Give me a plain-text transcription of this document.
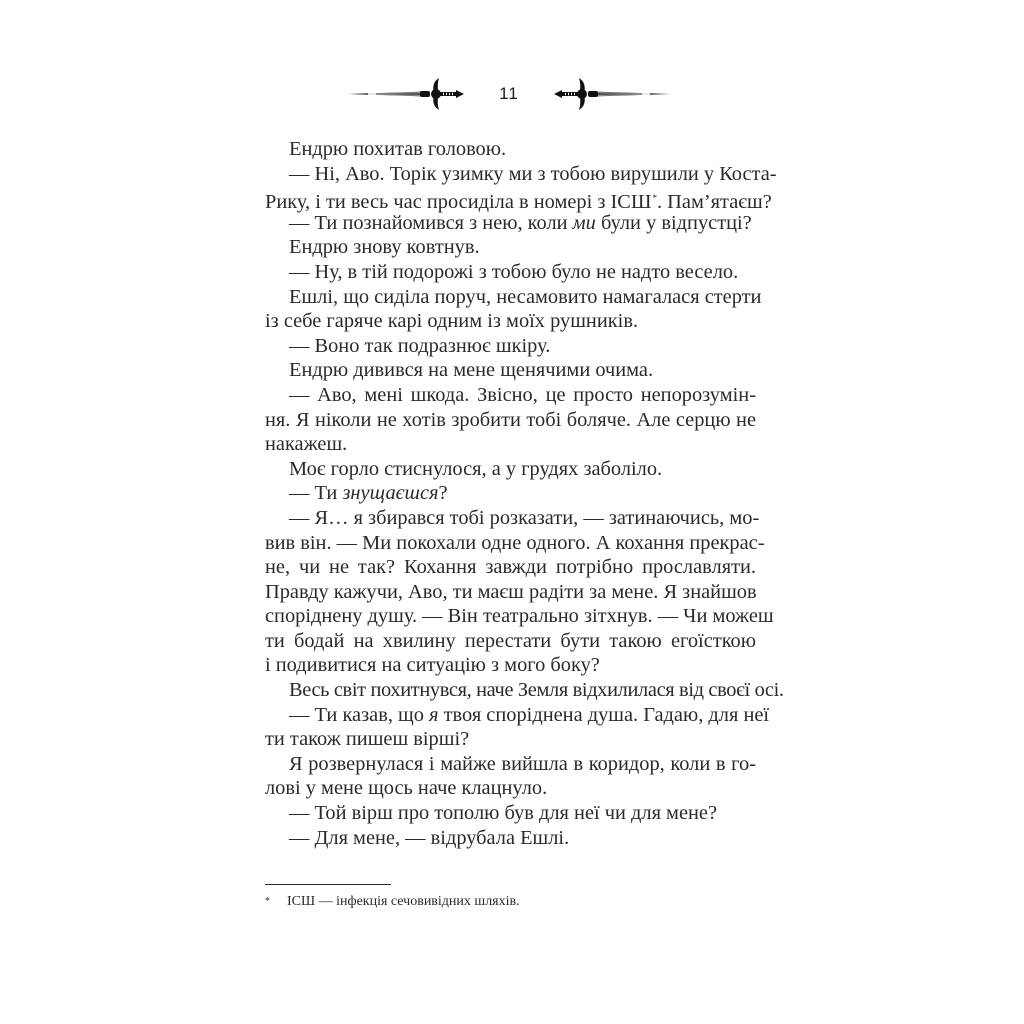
11
Ендрю похитав головою.
— Ні, Аво. Торік узимку ми з тобою вирушили у Коста-
Рику, і ти весь час просиділа в номері з ІСШ*. Пам’ятаєш?
— Ти познайомився з нею, коли ми були у відпустці?
Ендрю знову ковтнув.
— Ну, в тій подорожі з тобою було не надто весело.
Ешлі, що сиділа поруч, несамовито намагалася стерти
із себе гаряче карі одним із моїх рушників.
— Воно так подразнює шкіру.
Ендрю дивився на мене щенячими очима.
— Аво, мені шкода. Звісно, це просто непорозумін-
ня. Я ніколи не хотів зробити тобі боляче. Але серцю не
накажеш.
Моє горло стиснулося, а у грудях заболіло.
— Ти знущаєшся?
— Я… я збирався тобі розказати, — затинаючись, мо-
вив він. — Ми покохали одне одного. А кохання прекрас-
не, чи не так? Кохання завжди потрібно прославляти.
Правду кажучи, Аво, ти маєш радіти за мене. Я знайшов
споріднену душу. — Він театрально зітхнув. — Чи можеш
ти бодай на хвилину перестати бути такою егоїсткою
і подивитися на ситуацію з мого боку?
Весь світ похитнувся, наче Земля відхилилася від своєї осі.
— Ти казав, що я твоя споріднена душа. Гадаю, для неї
ти також пишеш вірші?
Я розвернулася і майже вийшла в коридор, коли в го-
лові у мене щось наче клацнуло.
— Той вірш про тополю був для неї чи для мене?
— Для мене, — відрубала Ешлі.
* ІСШ — інфекція сечовивідних шляхів.
